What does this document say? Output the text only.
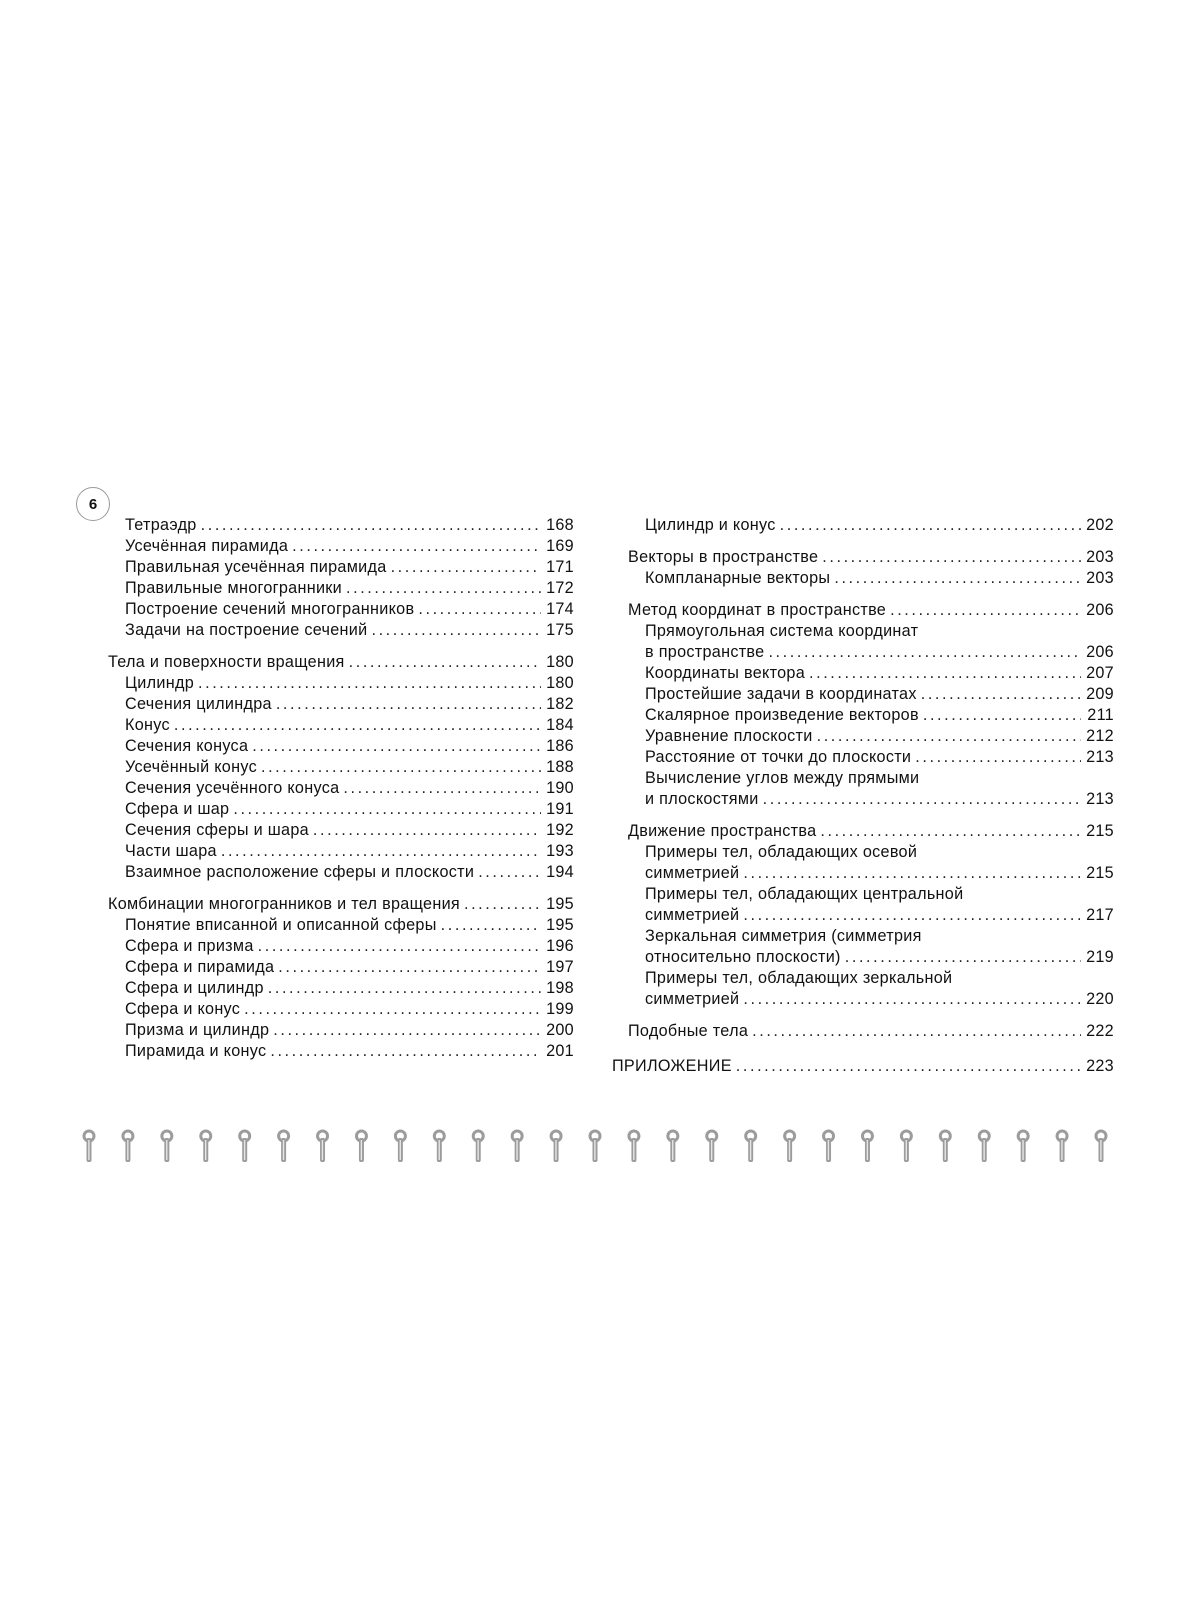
6
Тетраэдр .....	168
Усечённая пирамида .....	169
Правильная усечённая пирамида .....	171
Правильные многогранники .....	172
Построение сечений многогранников .....	174
Задачи на построение сечений .....	175
Тела и поверхности вращения .....	180
Цилиндр .....	180
Сечения цилиндра .....	182
Конус .....	184
Сечения конуса .....	186
Усечённый конус .....	188
Сечения усечённого конуса .....	190
Сфера и шар .....	191
Сечения сферы и шара .....	192
Части шара .....	193
Взаимное расположение сферы и плоскости .....	194
Комбинации многогранников и тел вращения .....	195
Понятие вписанной и описанной сферы .....	195
Сфера и призма .....	196
Сфера и пирамида .....	197
Сфера и цилиндр .....	198
Сфера и конус .....	199
Призма и цилиндр .....	200
Пирамида и конус .....	201
Цилиндр и конус .....	202
Векторы в пространстве .....	203
Компланарные векторы .....	203
Метод координат в пространстве .....	206
Прямоугольная система координат
в пространстве .....	206
Координаты вектора .....	207
Простейшие задачи в координатах .....	209
Скалярное произведение векторов .....	211
Уравнение плоскости .....	212
Расстояние от точки до плоскости .....	213
Вычисление углов между прямыми
и плоскостями .....	213
Движение пространства .....	215
Примеры тел, обладающих осевой
симметрией .....	215
Примеры тел, обладающих центральной
симметрией .....	217
Зеркальная симметрия (симметрия
относительно плоскости) .....	219
Примеры тел, обладающих зеркальной
симметрией .....	220
Подобные тела .....	222
ПРИЛОЖЕНИЕ .....	223
